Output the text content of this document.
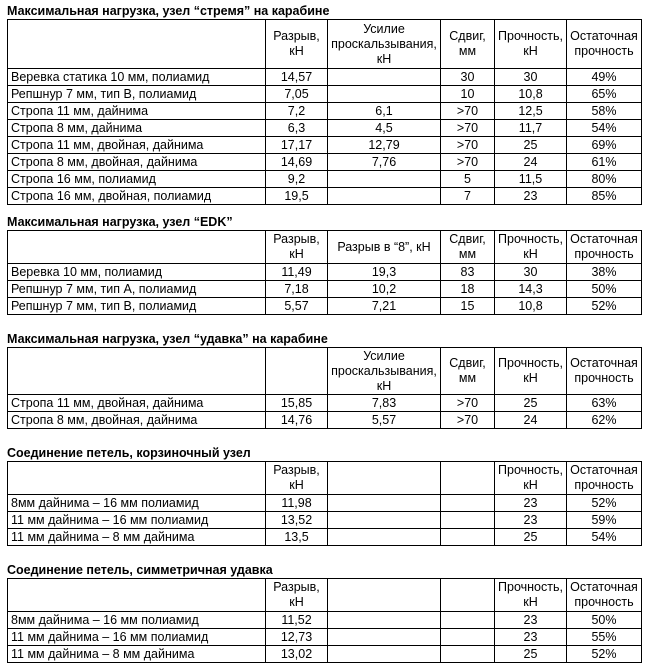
Максимальная нагрузка, узел “стремя” на карабине

	Разрыв, кН	Усилие проскальзывания, кН	Сдвиг, мм	Прочность, кН	Остаточная прочность

Веревка статика 10 мм, полиамид	14,57		30	30	49%
Репшнур 7 мм, тип В, полиамид	7,05		10	10,8	65%
Стропа 11 мм, дайнима	7,2	6,1	>70	12,5	58%
Стропа 8 мм, дайнима	6,3	4,5	>70	11,7	54%
Стропа 11 мм, двойная, дайнима	17,17	12,79	>70	25	69%
Стропа 8 мм, двойная, дайнима	14,69	7,76	>70	24	61%
Стропа 16 мм, полиамид	9,2		5	11,5	80%
Стропа 16 мм, двойная, полиамид	19,5		7	23	85%
Максимальная нагрузка, узел “EDK”

	Разрыв, кН	Разрыв в “8”, кН	Сдвиг, мм	Прочность, кН	Остаточная прочность

Веревка 10 мм, полиамид	11,49	19,3	83	30	38%
Репшнур 7 мм, тип А, полиамид	7,18	10,2	18	14,3	50%
Репшнур 7 мм, тип В, полиамид	5,57	7,21	15	10,8	52%
Максимальная нагрузка, узел “удавка” на карабине

		Усилие проскальзывания, кН	Сдвиг, мм	Прочность, кН	Остаточная прочность

Стропа 11 мм, двойная, дайнима	15,85	7,83	>70	25	63%
Стропа 8 мм, двойная, дайнима	14,76	5,57	>70	24	62%
Соединение петель, корзиночный узел

	Разрыв, кН			Прочность, кН	Остаточная прочность

8мм дайнима – 16 мм полиамид	11,98			23	52%
11 мм дайнима – 16 мм полиамид	13,52			23	59%
11 мм дайнима – 8 мм дайнима	13,5			25	54%
Соединение петель, симметричная удавка

	Разрыв, кН			Прочность, кН	Остаточная прочность

8мм дайнима – 16 мм полиамид	11,52			23	50%
11 мм дайнима – 16 мм полиамид	12,73			23	55%
11 мм дайнима – 8 мм дайнима	13,02			25	52%
